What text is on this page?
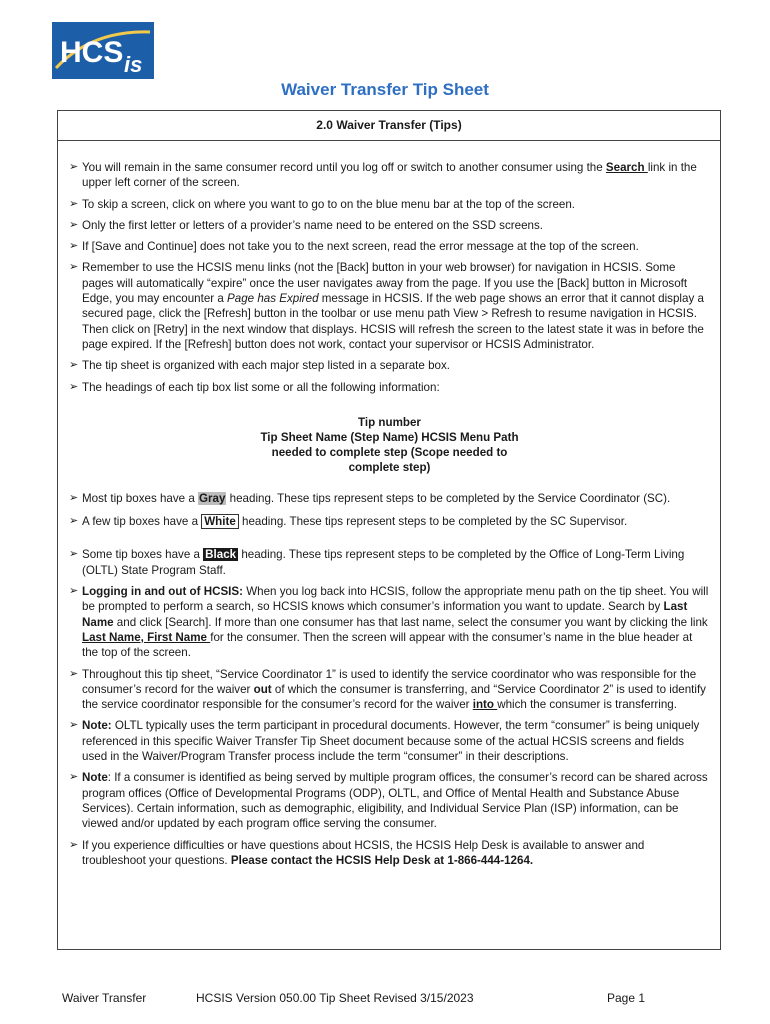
HCS is
Waiver Transfer Tip Sheet
2.0 Waiver Transfer (Tips)
➢ You will remain in the same consumer record until you log off or switch to another consumer using the Search link in the upper left corner of the screen.
➢ To skip a screen, click on where you want to go to on the blue menu bar at the top of the screen.
➢ Only the first letter or letters of a provider’s name need to be entered on the SSD screens.
➢ If [Save and Continue] does not take you to the next screen, read the error message at the top of the screen.
➢ Remember to use the HCSIS menu links (not the [Back] button in your web browser) for navigation in HCSIS. Some pages will automatically “expire” once the user navigates away from the page. If you use the [Back] button in Microsoft Edge, you may encounter a Page has Expired message in HCSIS. If the web page shows an error that it cannot display a secured page, click the [Refresh] button in the toolbar or use menu path View > Refresh to resume navigation in HCSIS. Then click on [Retry] in the next window that displays. HCSIS will refresh the screen to the latest state it was in before the page expired. If the [Refresh] button does not work, contact your supervisor or HCSIS Administrator.
➢ The tip sheet is organized with each major step listed in a separate box.
➢ The headings of each tip box list some or all the following information:
Tip number
Tip Sheet Name (Step Name) HCSIS Menu Path needed to complete step (Scope needed to complete step)
➢ Most tip boxes have a Gray heading. These tips represent steps to be completed by the Service Coordinator (SC).
➢ A few tip boxes have a White heading. These tips represent steps to be completed by the SC Supervisor.
➢ Some tip boxes have a Black heading. These tips represent steps to be completed by the Office of Long-Term Living (OLTL) State Program Staff.
➢ Logging in and out of HCSIS: When you log back into HCSIS, follow the appropriate menu path on the tip sheet. You will be prompted to perform a search, so HCSIS knows which consumer’s information you want to update. Search by Last Name and click [Search]. If more than one consumer has that last name, select the consumer you want by clicking the link Last Name, First Name for the consumer. Then the screen will appear with the consumer’s name in the blue header at the top of the screen.
➢ Throughout this tip sheet, “Service Coordinator 1” is used to identify the service coordinator who was responsible for the consumer’s record for the waiver out of which the consumer is transferring, and “Service Coordinator 2” is used to identify the service coordinator responsible for the consumer’s record for the waiver into which the consumer is transferring.
➢ Note: OLTL typically uses the term participant in procedural documents. However, the term “consumer” is being uniquely referenced in this specific Waiver Transfer Tip Sheet document because some of the actual HCSIS screens and fields used in the Waiver/Program Transfer process include the term “consumer” in their descriptions.
➢ Note: If a consumer is identified as being served by multiple program offices, the consumer’s record can be shared across program offices (Office of Developmental Programs (ODP), OLTL, and Office of Mental Health and Substance Abuse Services). Certain information, such as demographic, eligibility, and Individual Service Plan (ISP) information, can be viewed and/or updated by each program office serving the consumer.
➢ If you experience difficulties or have questions about HCSIS, the HCSIS Help Desk is available to answer and troubleshoot your questions. Please contact the HCSIS Help Desk at 1-866-444-1264.
Waiver Transfer	HCSIS Version 050.00 Tip Sheet Revised 3/15/2023	Page 1
